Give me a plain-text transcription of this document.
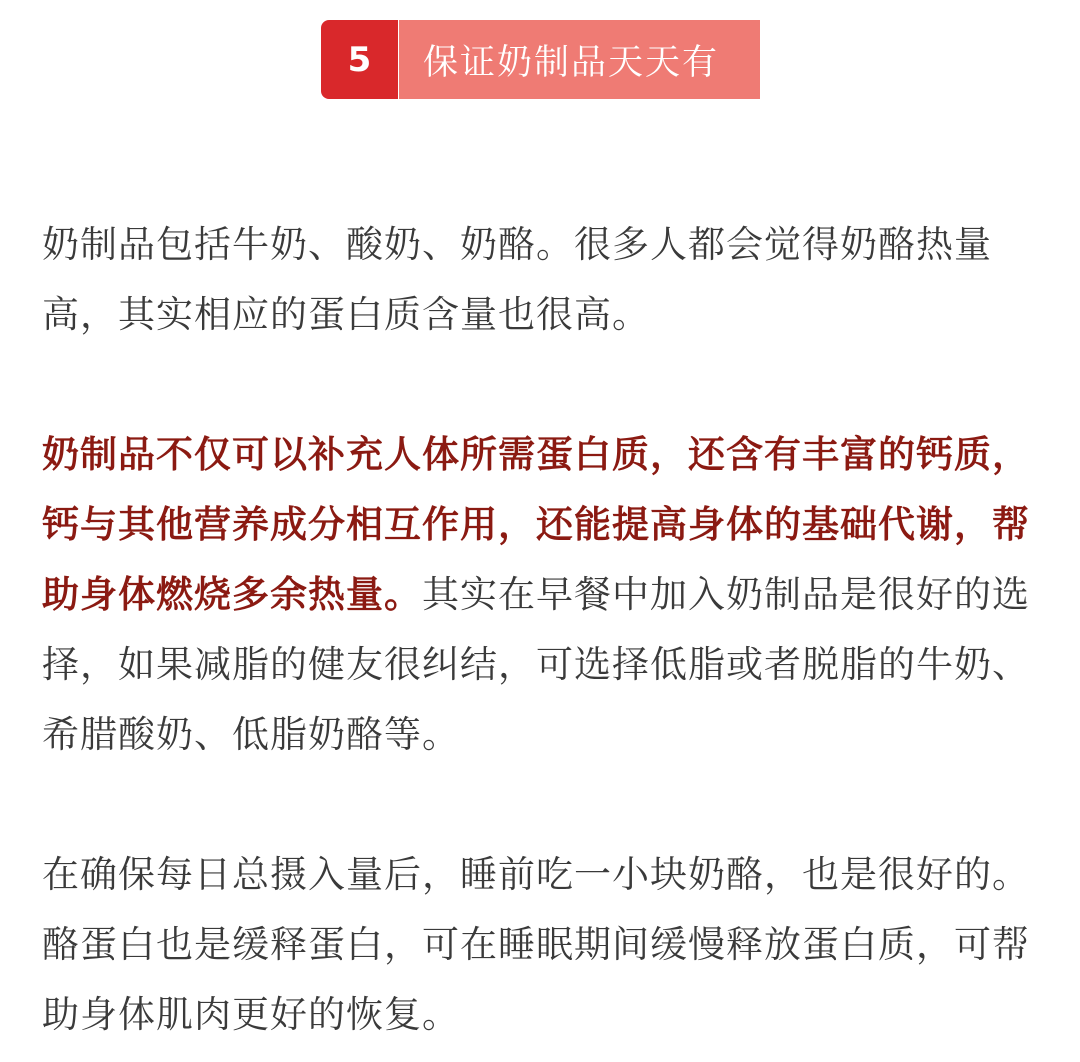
5	保证奶制品天天有

奶制品包括牛奶、酸奶、奶酪。很多人都会觉得奶酪热量高，其实相应的蛋白质含量也很高。

奶制品不仅可以补充人体所需蛋白质，还含有丰富的钙质，钙与其他营养成分相互作用，还能提高身体的基础代谢，帮助身体燃烧多余热量。其实在早餐中加入奶制品是很好的选择，如果减脂的健友很纠结，可选择低脂或者脱脂的牛奶、希腊酸奶、低脂奶酪等。

在确保每日总摄入量后，睡前吃一小块奶酪，也是很好的。酪蛋白也是缓释蛋白，可在睡眠期间缓慢释放蛋白质，可帮助身体肌肉更好的恢复。
